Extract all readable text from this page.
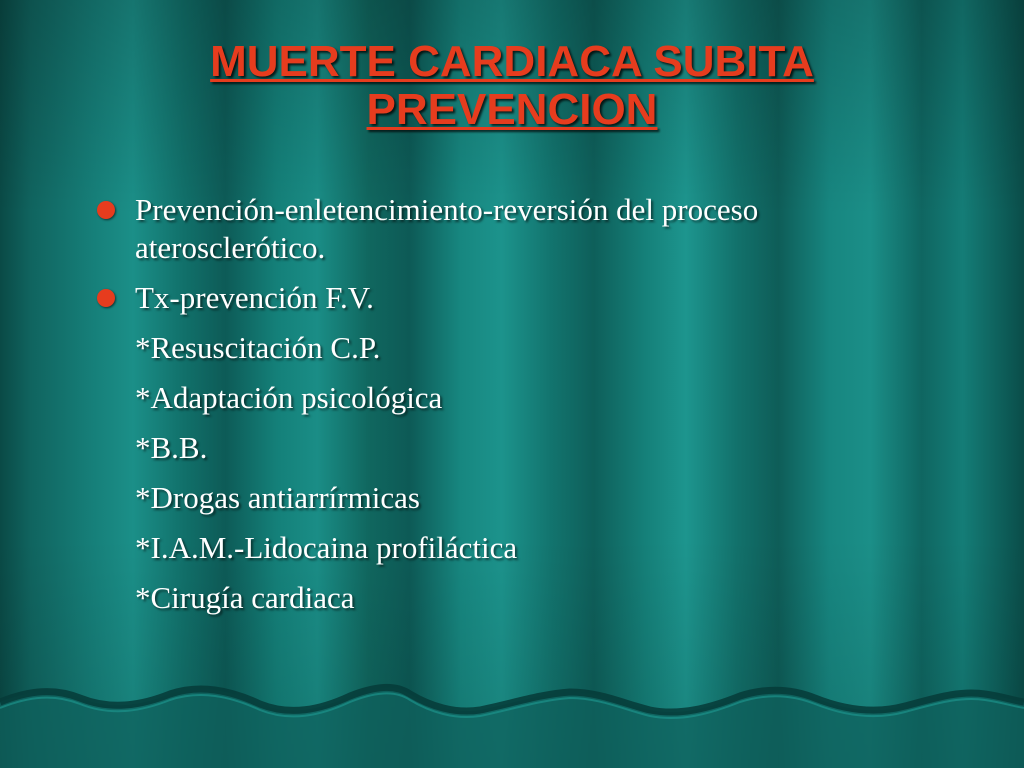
MUERTE CARDIACA SUBITA
PREVENCION
Prevención-enletencimiento-reversión del proceso aterosclerótico.
Tx-prevención F.V.
*Resuscitación C.P.
*Adaptación psicológica
*B.B.
*Drogas antiarrírmicas
*I.A.M.-Lidocaina profiláctica
*Cirugía cardiaca
